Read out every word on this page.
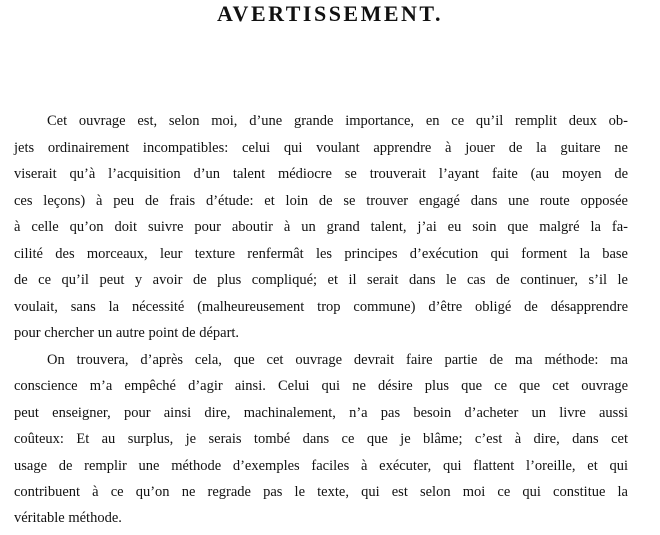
AVERTISSEMENT.
Cet ouvrage est, selon moi, d’une grande importance, en ce qu’il remplit deux ob-
jets ordinairement incompatibles: celui qui voulant apprendre à jouer de la guitare ne
viserait qu’à l’acquisition d’un talent médiocre se trouverait l’ayant faite (au moyen de
ces leçons) à peu de frais d’étude: et loin de se trouver engagé dans une route opposée
à celle qu’on doit suivre pour aboutir à un grand talent, j’ai eu soin que malgré la fa-
cilité des morceaux, leur texture renfermât les principes d’exécution qui forment la base
de ce qu’il peut y avoir de plus compliqué; et il serait dans le cas de continuer, s’il le
voulait, sans la nécessité (malheureusement trop commune) d’être obligé de désapprendre
pour chercher un autre point de départ.
On trouvera, d’après cela, que cet ouvrage devrait faire partie de ma méthode: ma
conscience m’a empêché d’agir ainsi. Celui qui ne désire plus que ce que cet ouvrage
peut enseigner, pour ainsi dire, machinalement, n’a pas besoin d’acheter un livre aussi
coûteux: Et au surplus, je serais tombé dans ce que je blâme; c’est à dire, dans cet
usage de remplir une méthode d’exemples faciles à exécuter, qui flattent l’oreille, et qui
contribuent à ce qu’on ne regrade pas le texte, qui est selon moi ce qui constitue la
véritable méthode.
